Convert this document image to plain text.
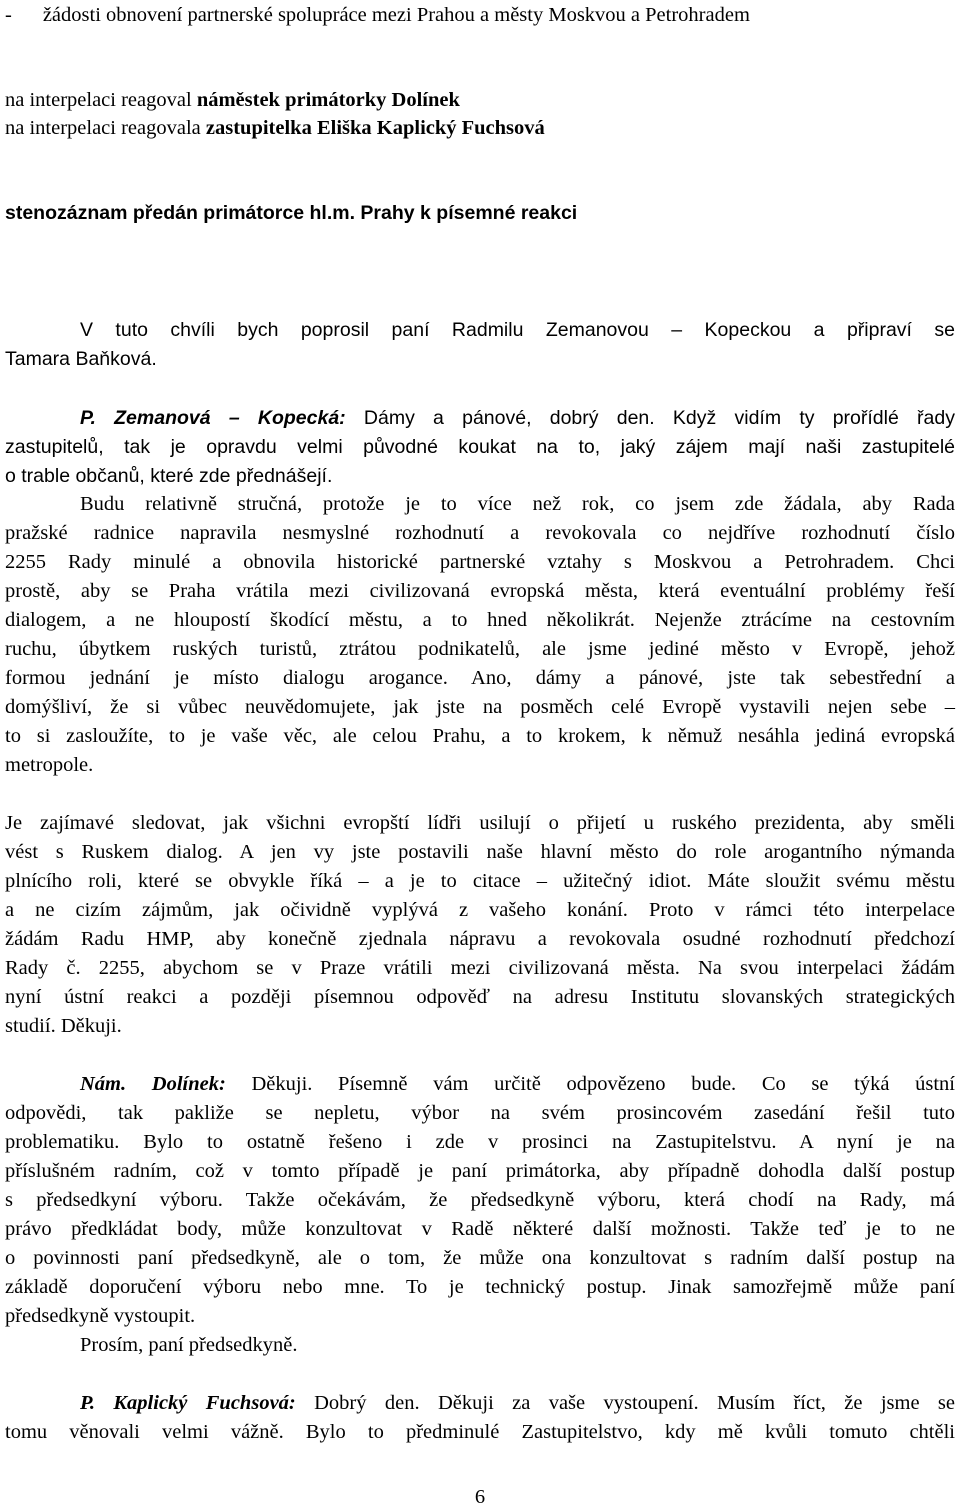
- žádosti obnovení partnerské spolupráce mezi Prahou a městy Moskvou a Petrohradem
na interpelaci reagoval náměstek primátorky Dolínek
na interpelaci reagovala zastupitelka Eliška Kaplický Fuchsová
stenozáznam předán primátorce hl.m. Prahy k písemné reakci
V tuto chvíli bych poprosil paní Radmilu Zemanovou – Kopeckou a připraví se
Tamara Baňková.
P. Zemanová – Kopecká: Dámy a pánové, dobrý den. Když vidím ty prořídlé řady
zastupitelů, tak je opravdu velmi původné koukat na to, jaký zájem mají naši zastupitelé
o trable občanů, které zde přednášejí.
Budu relativně stručná, protože je to více než rok, co jsem zde žádala, aby Rada
pražské radnice napravila nesmyslné rozhodnutí a revokovala co nejdříve rozhodnutí číslo
2255 Rady minulé a obnovila historické partnerské vztahy s Moskvou a Petrohradem. Chci
prostě, aby se Praha vrátila mezi civilizovaná evropská města, která eventuální problémy řeší
dialogem, a ne hloupostí škodící městu, a to hned několikrát. Nejenže ztrácíme na cestovním
ruchu, úbytkem ruských turistů, ztrátou podnikatelů, ale jsme jediné město v Evropě, jehož
formou jednání je místo dialogu arogance. Ano, dámy a pánové, jste tak sebestřední a
domýšliví, že si vůbec neuvědomujete, jak jste na posměch celé Evropě vystavili nejen sebe –
to si zasloužíte, to je vaše věc, ale celou Prahu, a to krokem, k němuž nesáhla jediná evropská
metropole.
Je zajímavé sledovat, jak všichni evropští lídři usilují o přijetí u ruského prezidenta, aby směli
vést s Ruskem dialog. A jen vy jste postavili naše hlavní město do role arogantního nýmanda
plnícího roli, které se obvykle říká – a je to citace – užitečný idiot. Máte sloužit svému městu
a ne cizím zájmům, jak očividně vyplývá z vašeho konání. Proto v rámci této interpelace
žádám Radu HMP, aby konečně zjednala nápravu a revokovala osudné rozhodnutí předchozí
Rady č. 2255, abychom se v Praze vrátili mezi civilizovaná města. Na svou interpelaci žádám
nyní ústní reakci a později písemnou odpověď na adresu Institutu slovanských strategických
studií. Děkuji.
Nám. Dolínek: Děkuji. Písemně vám určitě odpovězeno bude. Co se týká ústní
odpovědi, tak pakliže se nepletu, výbor na svém prosincovém zasedání řešil tuto
problematiku. Bylo to ostatně řešeno i zde v prosinci na Zastupitelstvu. A nyní je na
příslušném radním, což v tomto případě je paní primátorka, aby případně dohodla další postup
s předsedkyní výboru. Takže očekávám, že předsedkyně výboru, která chodí na Rady, má
právo předkládat body, může konzultovat v Radě některé další možnosti. Takže teď je to ne
o povinnosti paní předsedkyně, ale o tom, že může ona konzultovat s radním další postup na
základě doporučení výboru nebo mne. To je technický postup. Jinak samozřejmě může paní
předsedkyně vystoupit.
Prosím, paní předsedkyně.
P. Kaplický Fuchsová: Dobrý den. Děkuji za vaše vystoupení. Musím říct, že jsme se
tomu věnovali velmi vážně. Bylo to předminulé Zastupitelstvo, kdy mě kvůli tomuto chtěli
6
